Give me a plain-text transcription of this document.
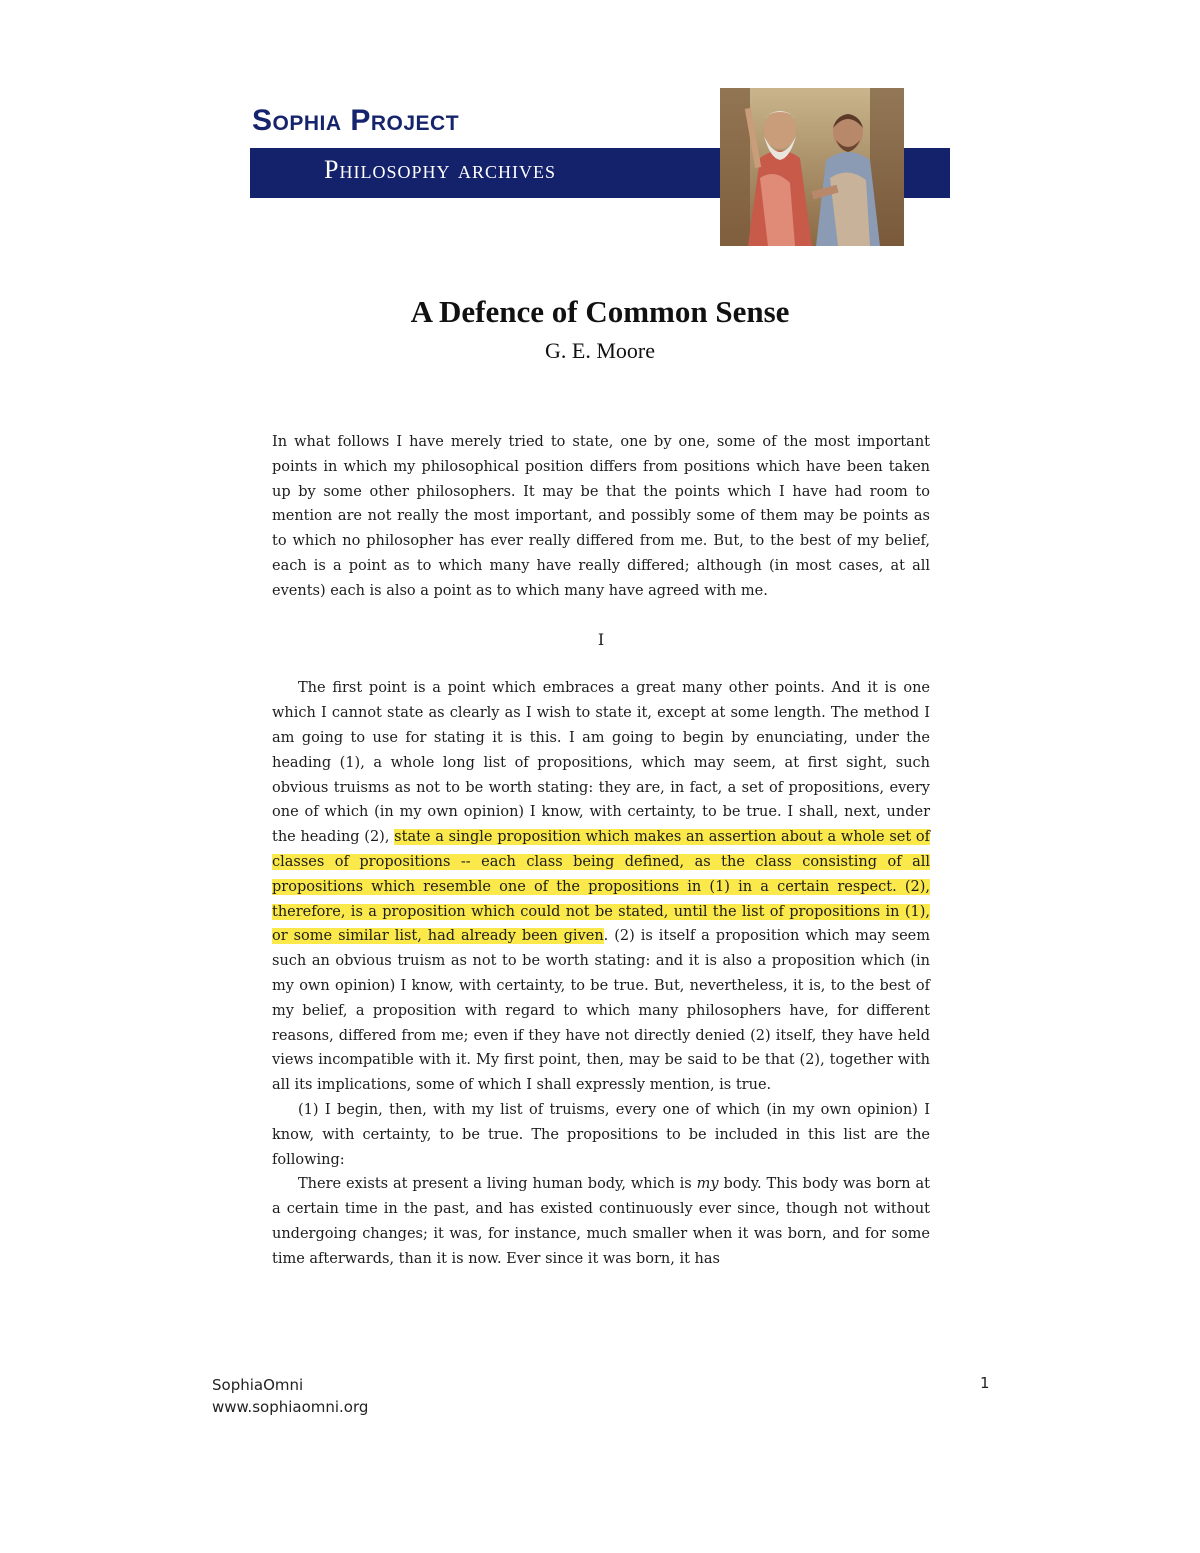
Sophia Project
Philosophy archives
A Defence of Common Sense
G. E. Moore

In what follows I have merely tried to state, one by one, some of the most important points in which my philosophical position differs from positions which have been taken up by some other philosophers. It may be that the points which I have had room to mention are not really the most important, and possibly some of them may be points as to which no philosopher has ever really differed from me. But, to the best of my belief, each is a point as to which many have really differed; although (in most cases, at all events) each is also a point as to which many have agreed with me.

I

The first point is a point which embraces a great many other points. And it is one which I cannot state as clearly as I wish to state it, except at some length. The method I am going to use for stating it is this. I am going to begin by enunciating, under the heading (1), a whole long list of propositions, which may seem, at first sight, such obvious truisms as not to be worth stating: they are, in fact, a set of propositions, every one of which (in my own opinion) I know, with certainty, to be true. I shall, next, under the heading (2), state a single proposition which makes an assertion about a whole set of classes of propositions -- each class being defined, as the class consisting of all propositions which resemble one of the propositions in (1) in a certain respect. (2), therefore, is a proposition which could not be stated, until the list of propositions in (1), or some similar list, had already been given. (2) is itself a proposition which may seem such an obvious truism as not to be worth stating: and it is also a proposition which (in my own opinion) I know, with certainty, to be true. But, nevertheless, it is, to the best of my belief, a proposition with regard to which many philosophers have, for different reasons, differed from me; even if they have not directly denied (2) itself, they have held views incompatible with it. My first point, then, may be said to be that (2), together with all its implications, some of which I shall expressly mention, is true.

(1) I begin, then, with my list of truisms, every one of which (in my own opinion) I know, with certainty, to be true. The propositions to be included in this list are the following:

There exists at present a living human body, which is my body. This body was born at a certain time in the past, and has existed continuously ever since, though not without undergoing changes; it was, for instance, much smaller when it was born, and for some time afterwards, than it is now. Ever since it was born, it has

SophiaOmni
www.sophiaomni.org
1
